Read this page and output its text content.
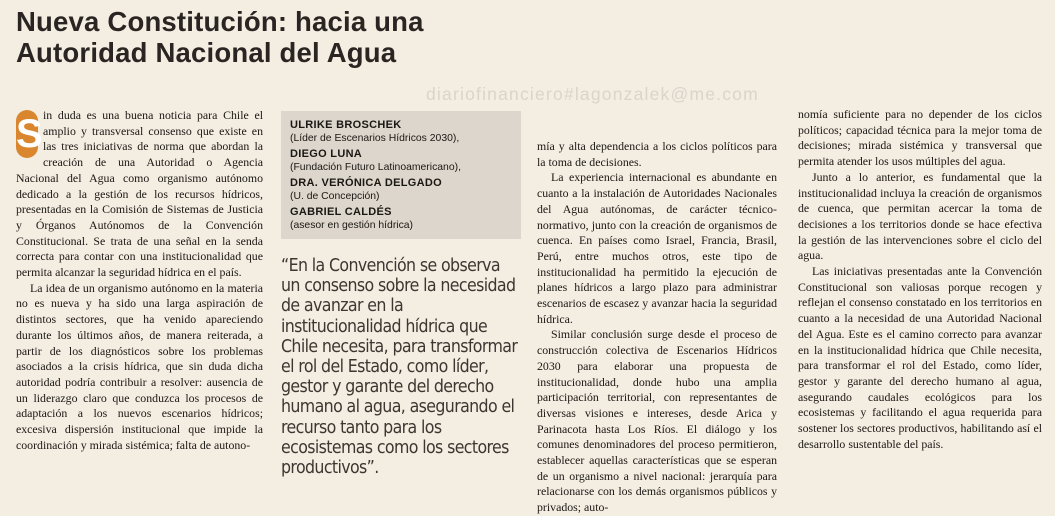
Nueva Constitución: hacia una
Autoridad Nacional del Agua
diariofinanciero#lagonzalek@me.com

S in duda es una buena noticia para Chile el amplio y transversal consenso que existe en las tres iniciativas de norma que abordan la creación de una Autoridad o Agencia Nacional del Agua como organismo autónomo dedicado a la gestión de los recursos hídricos, presentadas en la Comisión de Sistemas de Justicia y Órganos Autónomos de la Convención Constitucional. Se trata de una señal en la senda correcta para contar con una institucionalidad que permita alcanzar la seguridad hídrica en el país.

La idea de un organismo autónomo en la materia no es nueva y ha sido una larga aspiración de distintos sectores, que ha venido apareciendo durante los últimos años, de manera reiterada, a partir de los diagnósticos sobre los problemas asociados a la crisis hídrica, que sin duda dicha autoridad podría contribuir a resolver: ausencia de un liderazgo claro que conduzca los procesos de adaptación a los nuevos escenarios hídricos; excesiva dispersión institucional que impide la coordinación y mirada sistémica; falta de autono-

ULRIKE BROSCHEK
(Líder de Escenarios Hídricos 2030),
DIEGO LUNA
(Fundación Futuro Latinoamericano),
DRA. VERÓNICA DELGADO
(U. de Concepción)
GABRIEL CALDÉS
(asesor en gestión hídrica)
“En la Convención se observa un consenso sobre la necesidad de avanzar en la institucionalidad hídrica que Chile necesita, para transformar el rol del Estado, como líder, gestor y garante del derecho humano al agua, asegurando el recurso tanto para los ecosistemas como los sectores productivos”.

mía y alta dependencia a los ciclos políticos para la toma de decisiones.

La experiencia internacional es abundante en cuanto a la instalación de Autoridades Nacionales del Agua autónomas, de carácter técnico-normativo, junto con la creación de organismos de cuenca. En países como Israel, Francia, Brasil, Perú, entre muchos otros, este tipo de institucionalidad ha permitido la ejecución de planes hídricos a largo plazo para administrar escenarios de escasez y avanzar hacia la seguridad hídrica.

Similar conclusión surge desde el proceso de construcción colectiva de Escenarios Hídricos 2030 para elaborar una propuesta de institucionalidad, donde hubo una amplia participación territorial, con representantes de diversas visiones e intereses, desde Arica y Parinacota hasta Los Ríos. El diálogo y los comunes denominadores del proceso permitieron, establecer aquellas características que se esperan de un organismo a nivel nacional: jerarquía para relacionarse con los demás organismos públicos y privados; auto-

nomía suficiente para no depender de los ciclos políticos; capacidad técnica para la mejor toma de decisiones; mirada sistémica y transversal que permita atender los usos múltiples del agua.

Junto a lo anterior, es fundamental que la institucionalidad incluya la creación de organismos de cuenca, que permitan acercar la toma de decisiones a los territorios donde se hace efectiva la gestión de las intervenciones sobre el ciclo del agua.

Las iniciativas presentadas ante la Convención Constitucional son valiosas porque recogen y reflejan el consenso constatado en los territorios en cuanto a la necesidad de una Autoridad Nacional del Agua. Este es el camino correcto para avanzar en la institucionalidad hídrica que Chile necesita, para transformar el rol del Estado, como líder, gestor y garante del derecho humano al agua, asegurando caudales ecológicos para los ecosistemas y facilitando el agua requerida para sostener los sectores productivos, habilitando así el desarrollo sustentable del país.
